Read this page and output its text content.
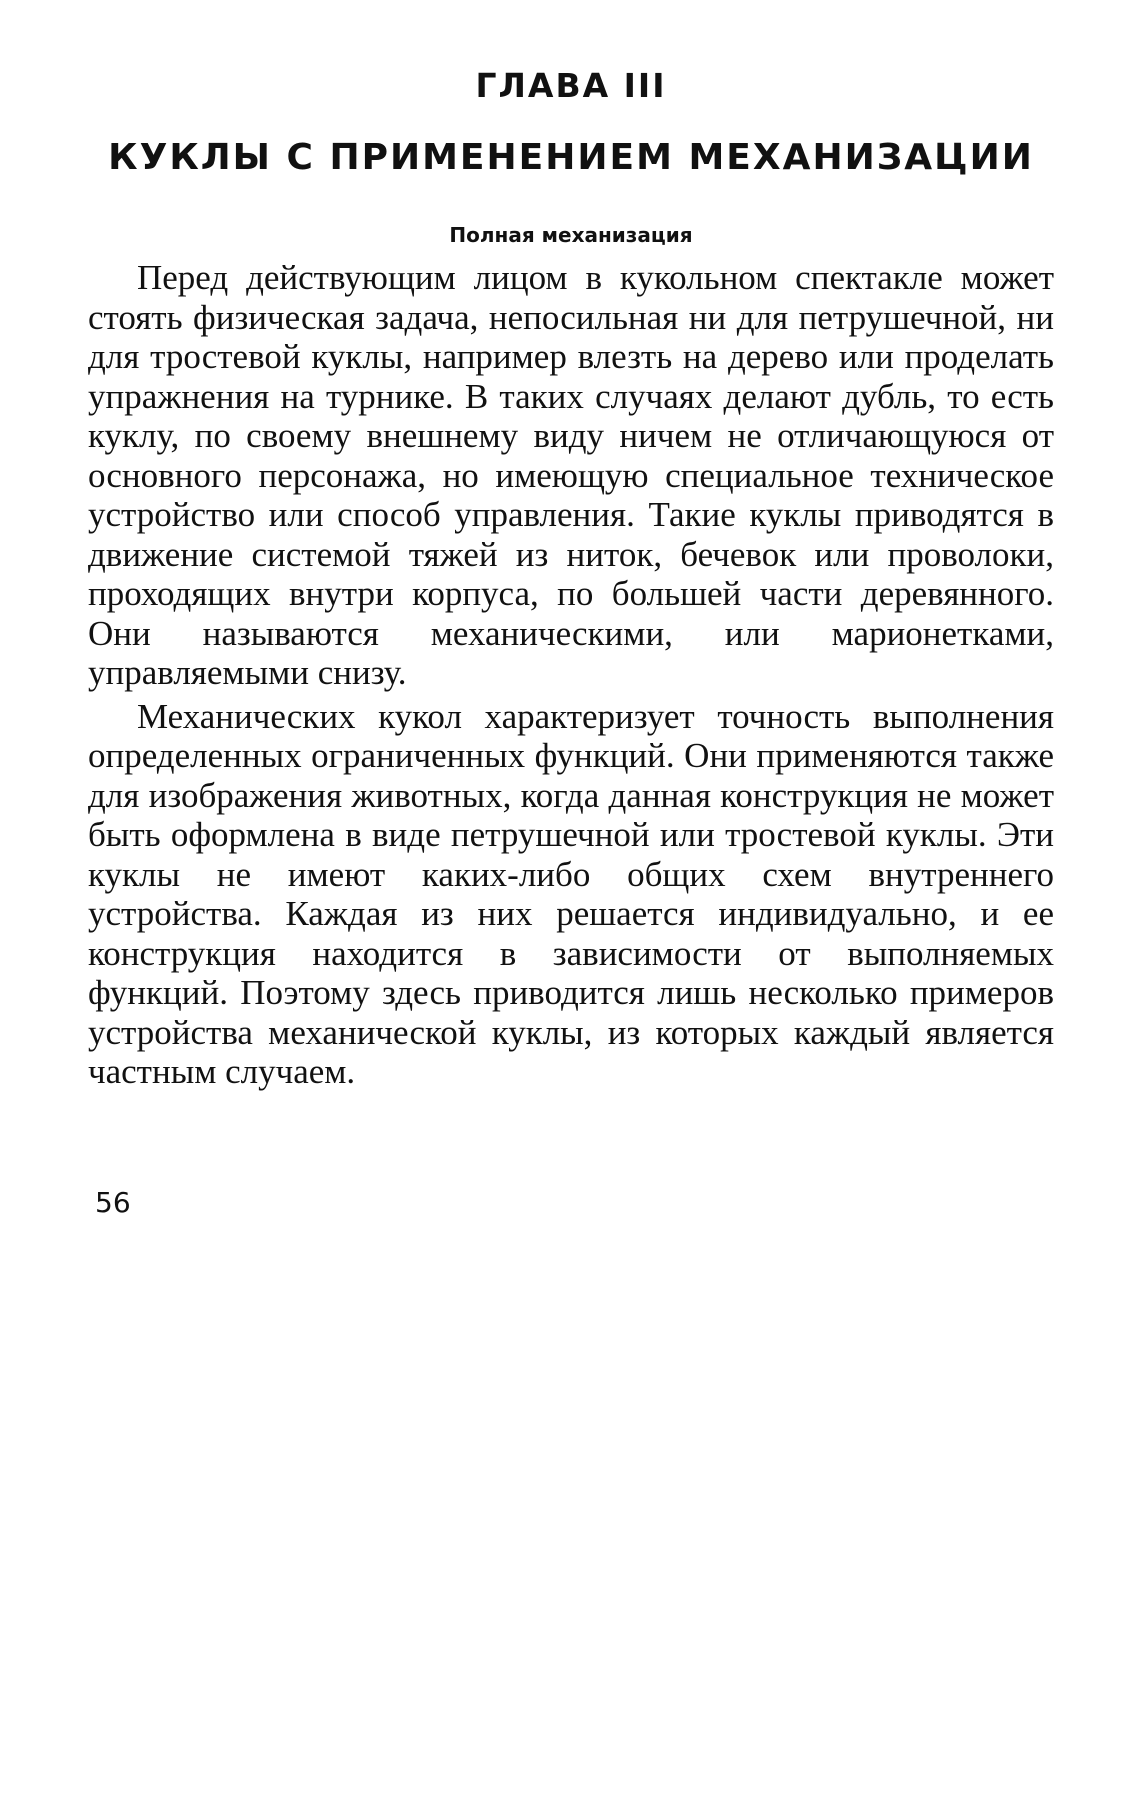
ГЛАВА III
КУКЛЫ С ПРИМЕНЕНИЕМ МЕХАНИЗАЦИИ
Полная механизация

Перед действующим лицом в кукольном спектакле может стоять физическая задача, непосильная ни для петрушечной, ни для тростевой куклы, например влезть на дерево или проделать упражнения на турнике. В таких случаях делают дубль, то есть куклу, по своему внешнему виду ничем не отличающуюся от основного персонажа, но имеющую специальное техническое устройство или способ управления. Такие куклы приводятся в движение системой тяжей из ниток, бечевок или проволоки, проходящих внутри корпуса, по большей части деревянного. Они называются механическими, или марионетками, управляемыми снизу.

Механических кукол характеризует точность выполнения определенных ограниченных функций. Они применяются также для изображения животных, когда данная конструкция не может быть оформлена в виде петрушечной или тростевой куклы. Эти куклы не имеют каких-либо общих схем внутреннего устройства. Каждая из них решается индивидуально, и ее конструкция находится в зависимости от выполняемых функций. Поэтому здесь приводится лишь несколько примеров устройства механической куклы, из которых каждый является частным случаем.

56
